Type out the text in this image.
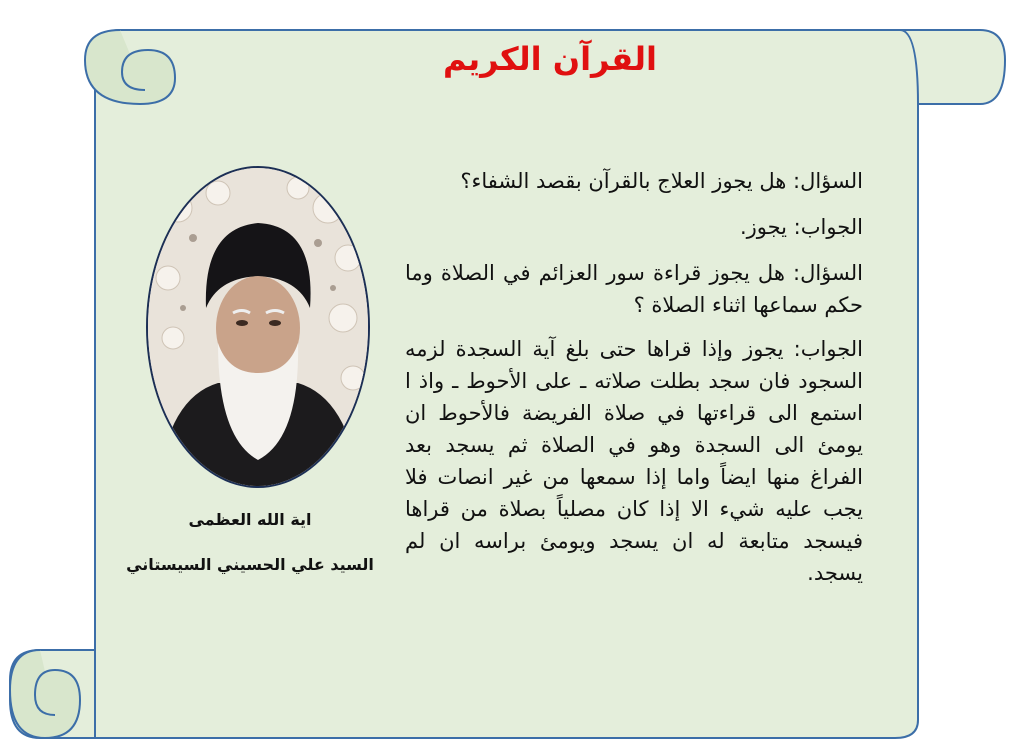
القرآن الكريم

السؤال: هل يجوز العلاج بالقرآن بقصد الشفاء؟

الجواب: يجوز.

السؤال: هل يجوز قراءة سور العزائم في الصلاة وما حكم سماعها اثناء الصلاة ؟

الجواب: يجوز وإذا قراها حتى بلغ آية السجدة لزمه السجود فان سجد بطلت صلاته ـ على الأحوط ـ واذ ا استمع الى قراءتها في صلاة الفريضة فالأحوط ان يومئ الى السجدة وهو في الصلاة ثم يسجد بعد الفراغ منها ايضاً واما إذا سمعها من غير انصات فلا يجب عليه شيء الا إذا كان مصلياً بصلاة من قراها فيسجد متابعة له ان يسجد ويومئ براسه ان لم يسجد.

اية الله العظمى
السيد علي الحسيني السيستاني
